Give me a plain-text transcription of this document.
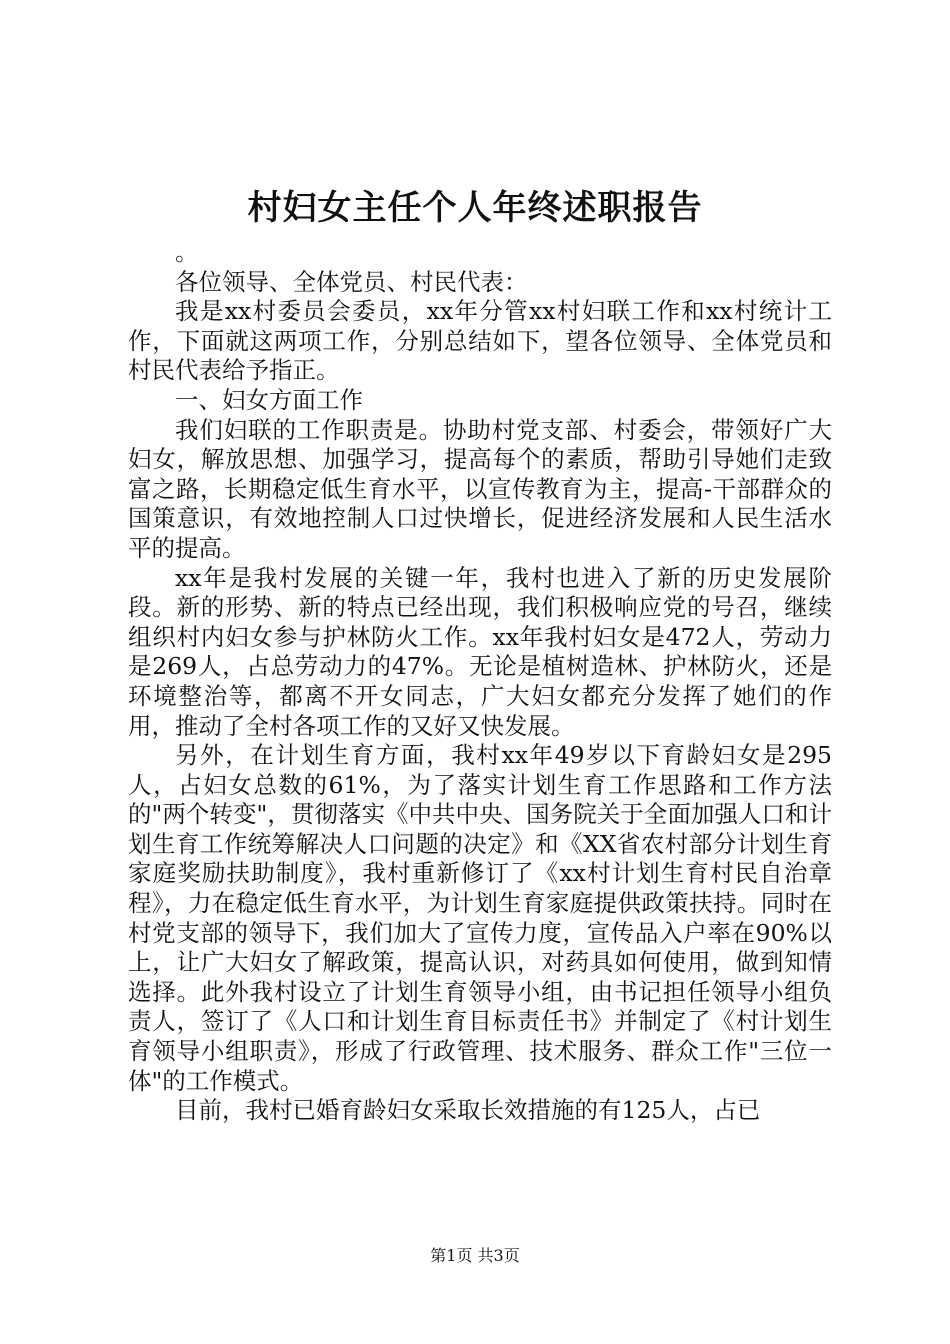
村妇女主任个人年终述职报告

。

各位领导、全体党员、村民代表：

我是xx村委员会委员，xx年分管xx村妇联工作和xx村统计工作，下面就这两项工作，分别总结如下，望各位领导、全体党员和村民代表给予指正。

一、妇女方面工作

我们妇联的工作职责是。协助村党支部、村委会，带领好广大妇女，解放思想、加强学习，提高每个的素质，帮助引导她们走致富之路，长期稳定低生育水平，以宣传教育为主，提高-干部群众的国策意识，有效地控制人口过快增长，促进经济发展和人民生活水平的提高。

xx年是我村发展的关键一年，我村也进入了新的历史发展阶段。新的形势、新的特点已经出现，我们积极响应党的号召，继续组织村内妇女参与护林防火工作。xx年我村妇女是472人，劳动力是269人，占总劳动力的47%。无论是植树造林、护林防火，还是环境整治等，都离不开女同志，广大妇女都充分发挥了她们的作用，推动了全村各项工作的又好又快发展。

另外，在计划生育方面，我村xx年49岁以下育龄妇女是295人，占妇女总数的61%，为了落实计划生育工作思路和工作方法的"两个转变"，贯彻落实《中共中央、国务院关于全面加强人口和计划生育工作统筹解决人口问题的决定》和《XX省农村部分计划生育家庭奖励扶助制度》，我村重新修订了《xx村计划生育村民自治章程》，力在稳定低生育水平，为计划生育家庭提供政策扶持。同时在村党支部的领导下，我们加大了宣传力度，宣传品入户率在90%以上，让广大妇女了解政策，提高认识，对药具如何使用，做到知情选择。此外我村设立了计划生育领导小组，由书记担任领导小组负责人，签订了《人口和计划生育目标责任书》并制定了《村计划生育领导小组职责》，形成了行政管理、技术服务、群众工作"三位一体"的工作模式。

目前，我村已婚育龄妇女采取长效措施的有125人，占已

第1页 共3页
